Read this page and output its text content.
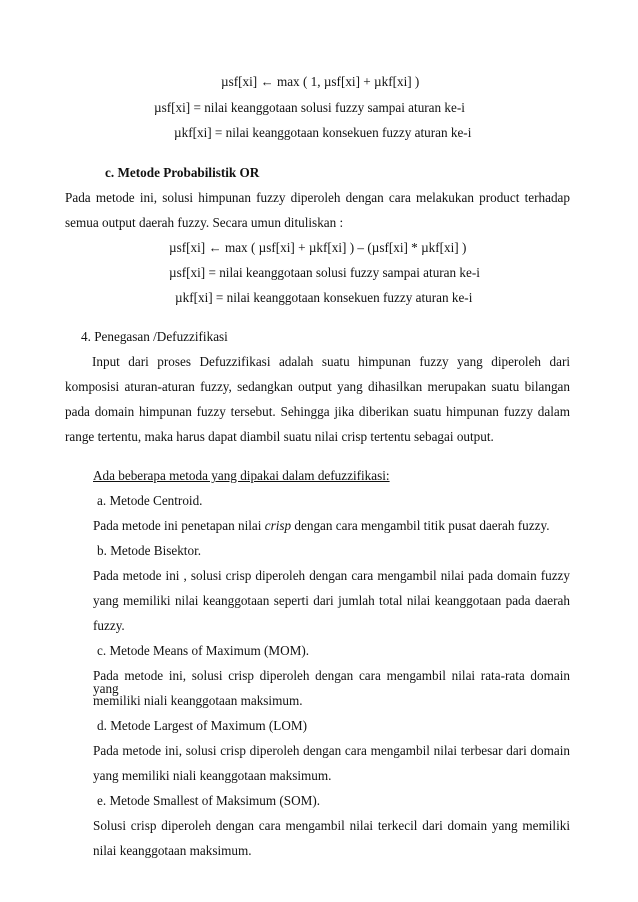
µsf[xi] ← max ( 1, µsf[xi] + µkf[xi] )
µsf[xi] = nilai keanggotaan solusi fuzzy sampai aturan ke-i
µkf[xi] = nilai keanggotaan konsekuen fuzzy aturan ke-i
c. Metode Probabilistik OR
Pada metode ini, solusi himpunan fuzzy diperoleh dengan cara melakukan product terhadap
semua output daerah fuzzy. Secara umun dituliskan :
µsf[xi] ← max ( µsf[xi] + µkf[xi] ) – (µsf[xi] * µkf[xi] )
µsf[xi] = nilai keanggotaan solusi fuzzy sampai aturan ke-i
µkf[xi] = nilai keanggotaan konsekuen fuzzy aturan ke-i
4. Penegasan /Defuzzifikasi
Input dari proses Defuzzifikasi adalah suatu himpunan fuzzy yang diperoleh dari
komposisi aturan-aturan fuzzy, sedangkan output yang dihasilkan merupakan suatu bilangan
pada domain himpunan fuzzy tersebut. Sehingga jika diberikan suatu himpunan fuzzy dalam
range tertentu, maka harus dapat diambil suatu nilai crisp tertentu sebagai output.
Ada beberapa metoda yang dipakai dalam defuzzifikasi:
a. Metode Centroid.
Pada metode ini penetapan nilai crisp dengan cara mengambil titik pusat daerah fuzzy.
b. Metode Bisektor.
Pada metode ini , solusi crisp diperoleh dengan cara mengambil nilai pada domain fuzzy
yang memiliki nilai keanggotaan seperti dari jumlah total nilai keanggotaan pada daerah
fuzzy.
c. Metode Means of Maximum (MOM).
Pada metode ini, solusi crisp diperoleh dengan cara mengambil nilai rata-rata domain yang
memiliki niali keanggotaan maksimum.
d. Metode Largest of Maximum (LOM)
Pada metode ini, solusi crisp diperoleh dengan cara mengambil nilai terbesar dari domain
yang memiliki niali keanggotaan maksimum.
e. Metode Smallest of Maksimum (SOM).
Solusi crisp diperoleh dengan cara mengambil nilai terkecil dari domain yang memiliki
nilai keanggotaan maksimum.
